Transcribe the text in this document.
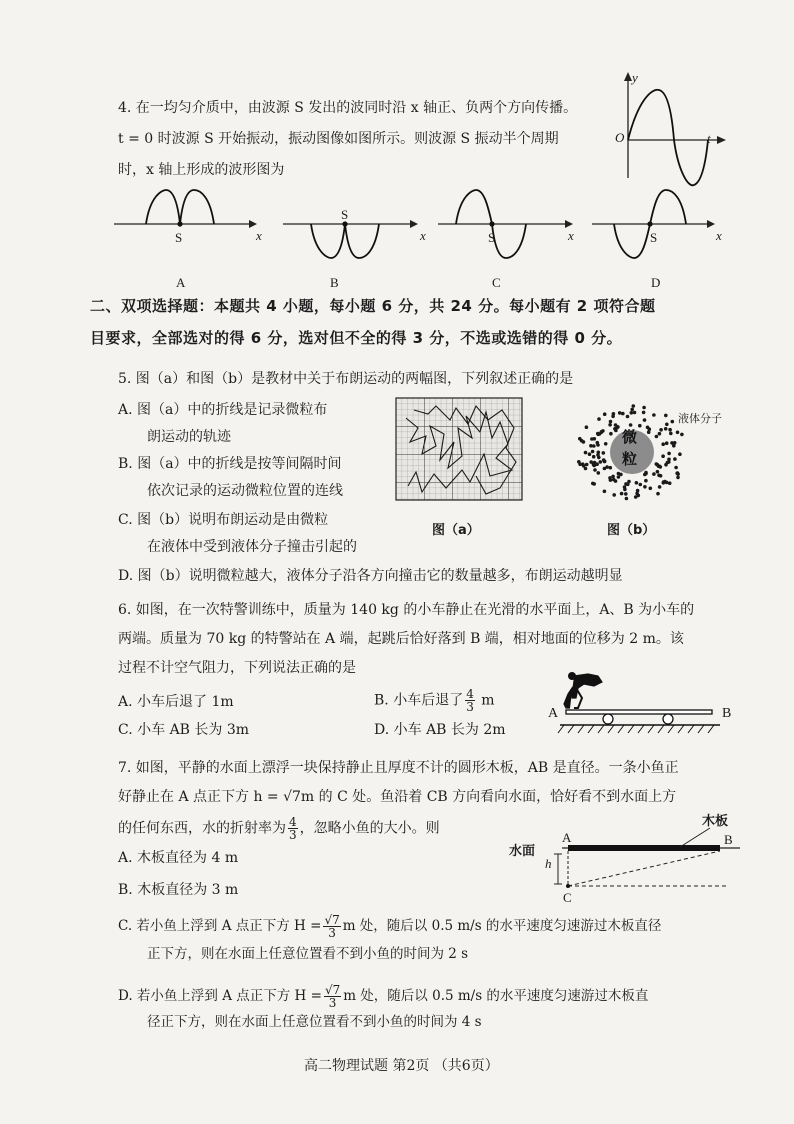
4. 在一均匀介质中，由波源 S 发出的波同时沿 x 轴正、负两个方向传播。
t = 0 时波源 S 开始振动，振动图像如图所示。则波源 S 振动半个周期
时，x 轴上形成的波形图为
y
O	t
S	x
S
x	S	x	S	x
A	B	C	D
二、双项选择题：本题共 4 小题，每小题 6 分，共 24 分。每小题有 2 项符合题
目要求，全部选对的得 6 分，选对但不全的得 3 分，不选或选错的得 0 分。
5. 图（a）和图（b）是教材中关于布朗运动的两幅图，下列叙述正确的是
A. 图（a）中的折线是记录微粒布
朗运动的轨迹
B. 图（a）中的折线是按等间隔时间
依次记录的运动微粒位置的连线
C. 图（b）说明布朗运动是由微粒
在液体中受到液体分子撞击引起的
D. 图（b）说明微粒越大，液体分子沿各方向撞击它的数量越多，布朗运动越明显
图（a）
微
粒
液体分子
图（b）
6. 如图，在一次特警训练中，质量为 140 kg 的小车静止在光滑的水平面上，A、B 为小车的
两端。质量为 70 kg 的特警站在 A 端，起跳后恰好落到 B 端，相对地面的位移为 2 m。该
过程不计空气阻力，下列说法正确的是
A. 小车后退了 1m	B. 小车后退了 $\frac{4}{3}$ m
C. 小车 AB 长为 3m	D. 小车 AB 长为 2m
A	B
7. 如图，平静的水面上漂浮一块保持静止且厚度不计的圆形木板，AB 是直径。一条小鱼正
好静止在 A 点正下方 h = √7m 的 C 处。鱼沿着 CB 方向看向水面，恰好看不到水面上方
的任何东西，水的折射率为 $\frac{4}{3}$ ，忽略小鱼的大小。则
A. 木板直径为 4 m
B. 木板直径为 3 m
C. 若小鱼上浮到 A 点正下方 $H = \frac{√7}{3}$ m 处，随后以 0.5 m/s 的水平速度匀速游过木板直径
正下方，则在水面上任意位置看不到小鱼的时间为 2 s
D. 若小鱼上浮到 A 点正下方 $H = \frac{√7}{3}$ m 处，随后以 0.5 m/s 的水平速度匀速游过木板直
径正下方，则在水面上任意位置看不到小鱼的时间为 4 s
水面
A	B
C
h
木板
高二物理试题 第2页 （共6页）
